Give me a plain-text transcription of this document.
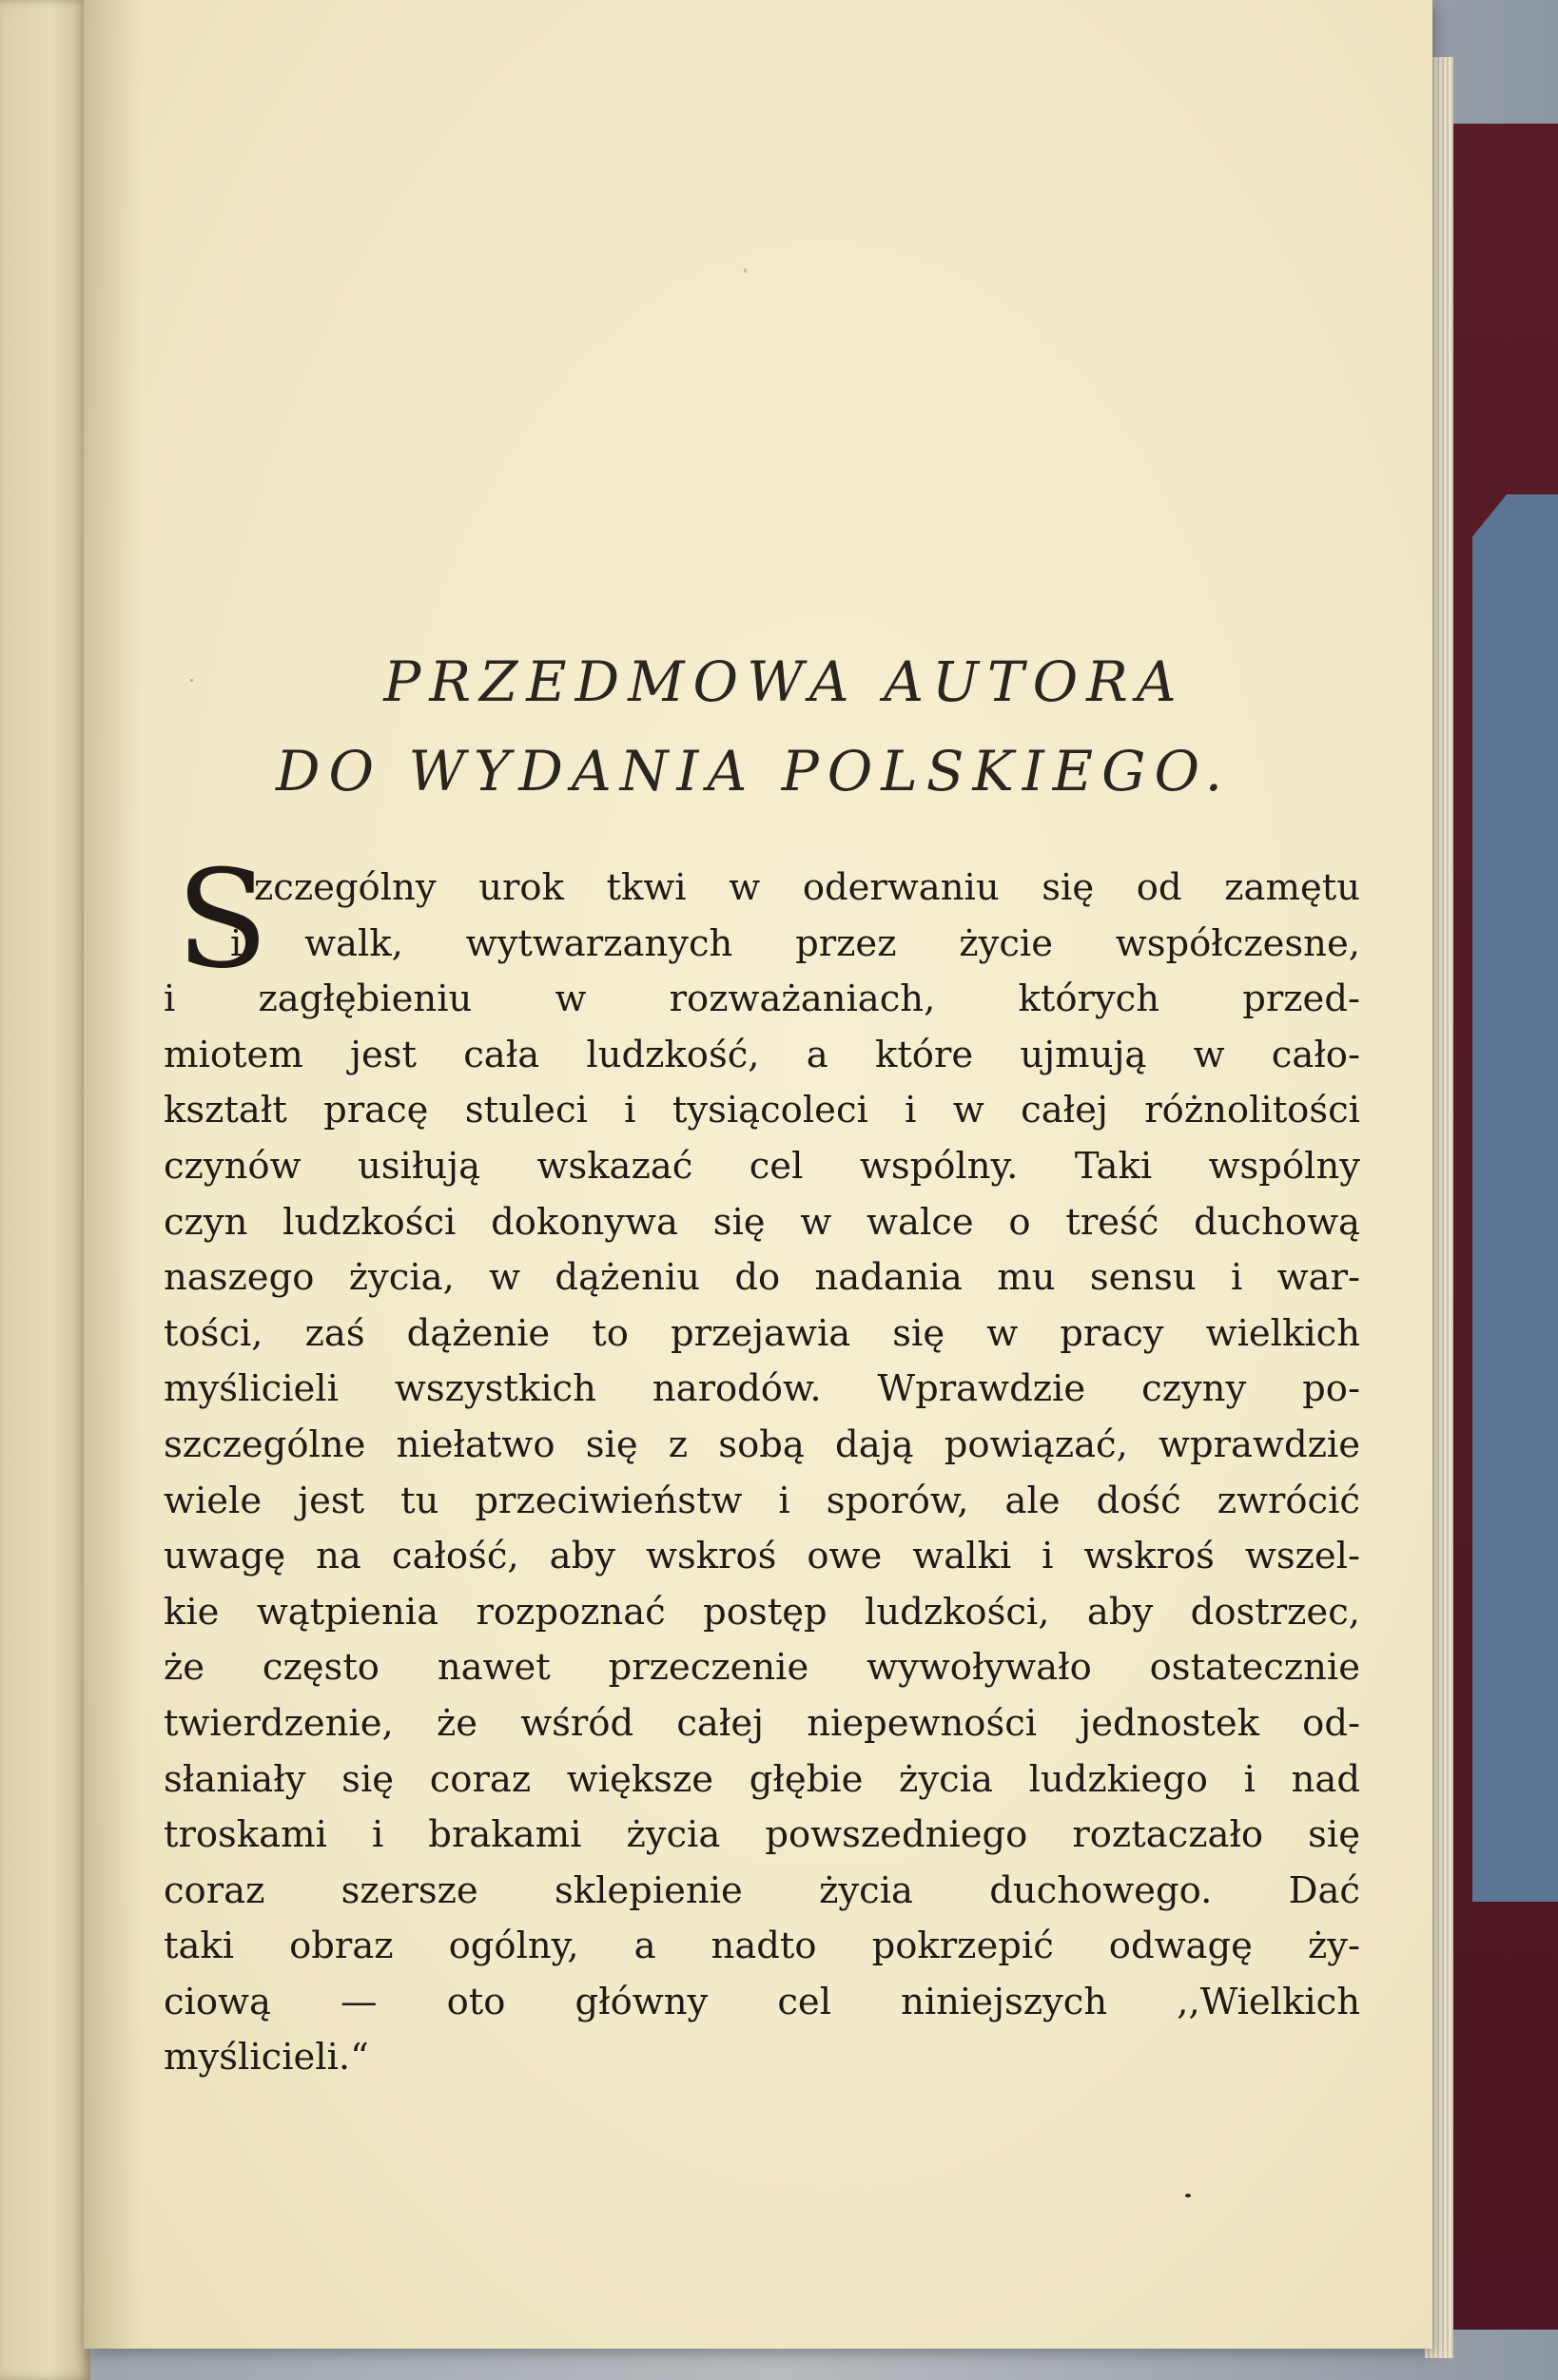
PRZEDMOWA AUTORA
DO WYDANIA POLSKIEGO.
S
zczególny urok tkwi w oderwaniu się od zamętu
i walk, wytwarzanych przez życie współczesne,
i zagłębieniu w rozważaniach, których przed-
miotem jest cała ludzkość, a które ujmują w cało-
kształt pracę stuleci i tysiącoleci i w całej różnolitości
czynów usiłują wskazać cel wspólny. Taki wspólny
czyn ludzkości dokonywa się w walce o treść duchową
naszego życia, w dążeniu do nadania mu sensu i war-
tości, zaś dążenie to przejawia się w pracy wielkich
myślicieli wszystkich narodów. Wprawdzie czyny po-
szczególne niełatwo się z sobą dają powiązać, wprawdzie
wiele jest tu przeciwieństw i sporów, ale dość zwrócić
uwagę na całość, aby wskroś owe walki i wskroś wszel-
kie wątpienia rozpoznać postęp ludzkości, aby dostrzec,
że często nawet przeczenie wywoływało ostatecznie
twierdzenie, że wśród całej niepewności jednostek od-
słaniały się coraz większe głębie życia ludzkiego i nad
troskami i brakami życia powszedniego roztaczało się
coraz szersze sklepienie życia duchowego. Dać
taki obraz ogólny, a nadto pokrzepić odwagę ży-
ciową — oto główny cel niniejszych ,,Wielkich
myślicieli.“
